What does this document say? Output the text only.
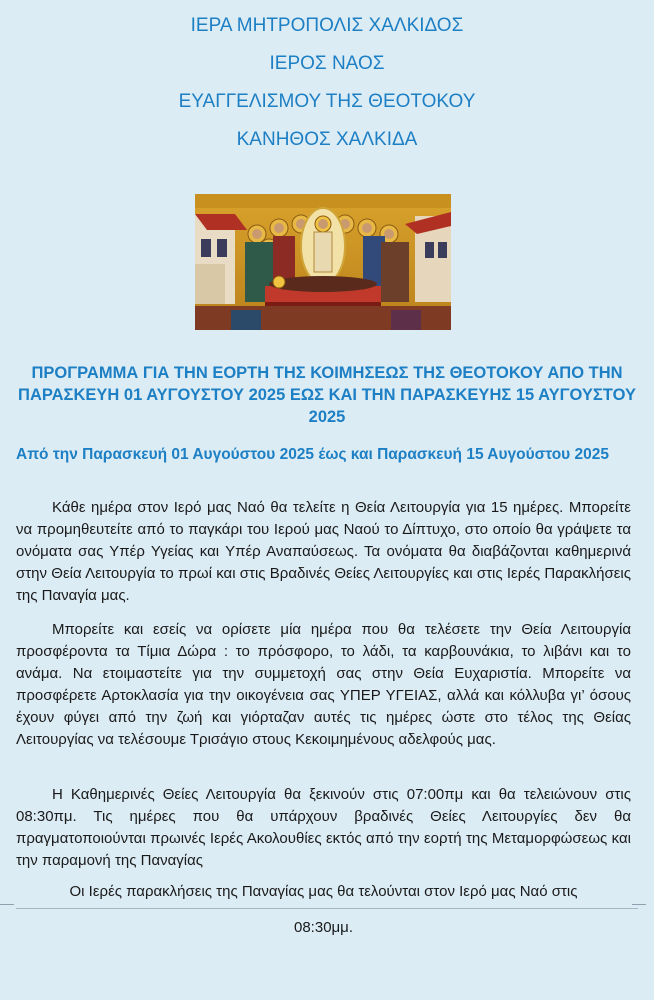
ΙΕΡΑ ΜΗΤΡΟΠΟΛΙΣ ΧΑΛΚΙΔΟΣ
ΙΕΡΟΣ ΝΑΟΣ
ΕΥΑΓΓΕΛΙΣΜΟΥ ΤΗΣ ΘΕΟΤΟΚΟΥ
ΚΑΝΗΘΟΣ ΧΑΛΚΙΔΑ
ΠΡΟΓΡΑΜΜΑ ΓΙΑ ΤΗΝ ΕΟΡΤΗ ΤΗΣ ΚΟΙΜΗΣΕΩΣ ΤΗΣ ΘΕΟΤΟΚΟΥ ΑΠΟ ΤΗΝ ΠΑΡΑΣΚΕΥΗ 01 ΑΥΓΟΥΣΤΟΥ 2025 ΕΩΣ ΚΑΙ ΤΗΝ ΠΑΡΑΣΚΕΥΗΣ 15 ΑΥΓΟΥΣΤΟΥ 2025
Από την Παρασκευή 01 Αυγούστου 2025 έως και Παρασκευή 15 Αυγούστου 2025
Κάθε ημέρα στον Ιερό μας Ναό θα τελείτε η Θεία Λειτουργία για 15 ημέρες. Μπορείτε να προμηθευτείτε από το παγκάρι του Ιερού μας Ναού το Δίπτυχο, στο οποίο θα γράψετε τα ονόματα σας Υπέρ Υγείας και Υπέρ Αναπαύσεως. Τα ονόματα θα διαβάζονται καθημερινά στην Θεία Λειτουργία το πρωί και στις Βραδινές Θείες Λειτουργίες και στις Ιερές Παρακλήσεις της Παναγία μας.
Μπορείτε και εσείς να ορίσετε μία ημέρα που θα τελέσετε την Θεία Λειτουργία προσφέροντα τα Τίμια Δώρα : το πρόσφορο, το λάδι, τα καρβουνάκια, το λιβάνι και το ανάμα. Να ετοιμαστείτε για την συμμετοχή σας στην Θεία Ευχαριστία. Μπορείτε να προσφέρετε Αρτοκλασία για την οικογένεια σας ΥΠΕΡ ΥΓΕΙΑΣ, αλλά και κόλλυβα γι’ όσους έχουν φύγει από την ζωή και γιόρταζαν αυτές τις ημέρες ώστε στο τέλος της Θείας Λειτουργίας να τελέσουμε Τρισάγιο στους Κεκοιμημένους αδελφούς μας.
Η Καθημερινές Θείες Λειτουργία θα ξεκινούν στις 07:00πμ και θα τελειώνουν στις 08:30πμ. Τις ημέρες που θα υπάρχουν βραδινές Θείες Λειτουργίες δεν θα πραγματοποιούνται πρωινές Ιερές Ακολουθίες εκτός από την εορτή της Μεταμορφώσεως και την παραμονή της Παναγίας
Οι Ιερές παρακλήσεις της Παναγίας μας θα τελούνται στον Ιερό μας Ναό στις
08:30μμ.
